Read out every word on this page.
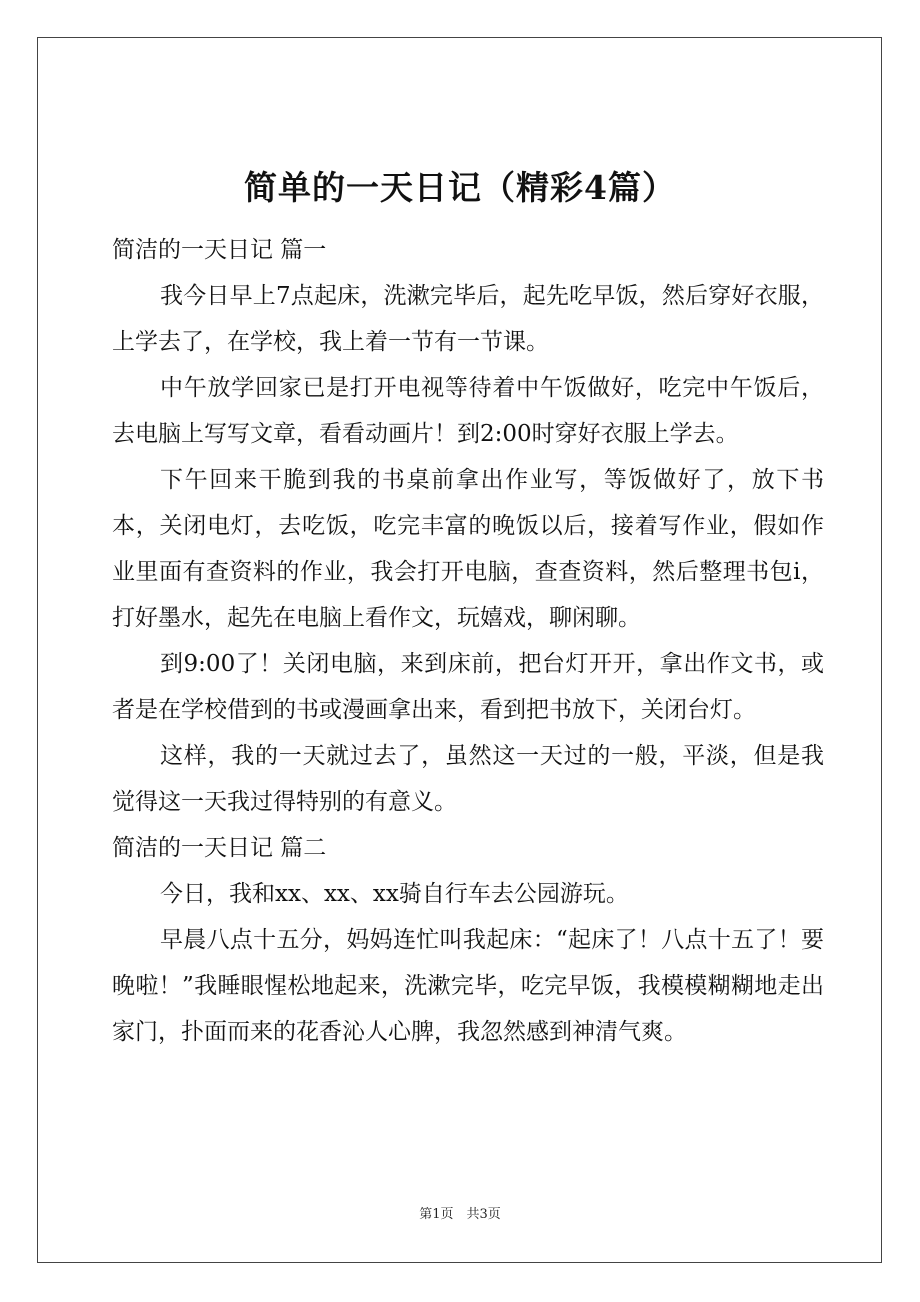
简单的一天日记（精彩4篇）

简洁的一天日记 篇一

我今日早上7点起床，洗漱完毕后，起先吃早饭，然后穿好衣服，上学去了，在学校，我上着一节有一节课。

中午放学回家已是打开电视等待着中午饭做好，吃完中午饭后，去电脑上写写文章，看看动画片！到2:00时穿好衣服上学去。

下午回来干脆到我的书桌前拿出作业写，等饭做好了，放下书本，关闭电灯，去吃饭，吃完丰富的晚饭以后，接着写作业，假如作业里面有查资料的作业，我会打开电脑，查查资料，然后整理书包i，打好墨水，起先在电脑上看作文，玩嬉戏，聊闲聊。

到9:00了！关闭电脑，来到床前，把台灯开开，拿出作文书，或者是在学校借到的书或漫画拿出来，看到把书放下，关闭台灯。

这样，我的一天就过去了，虽然这一天过的一般，平淡，但是我觉得这一天我过得特别的有意义。

简洁的一天日记 篇二

今日，我和xx、xx、xx骑自行车去公园游玩。

早晨八点十五分，妈妈连忙叫我起床：“起床了！八点十五了！要晚啦！”我睡眼惺松地起来，洗漱完毕，吃完早饭，我模模糊糊地走出家门，扑面而来的花香沁人心脾，我忽然感到神清气爽。

第1页　共3页
